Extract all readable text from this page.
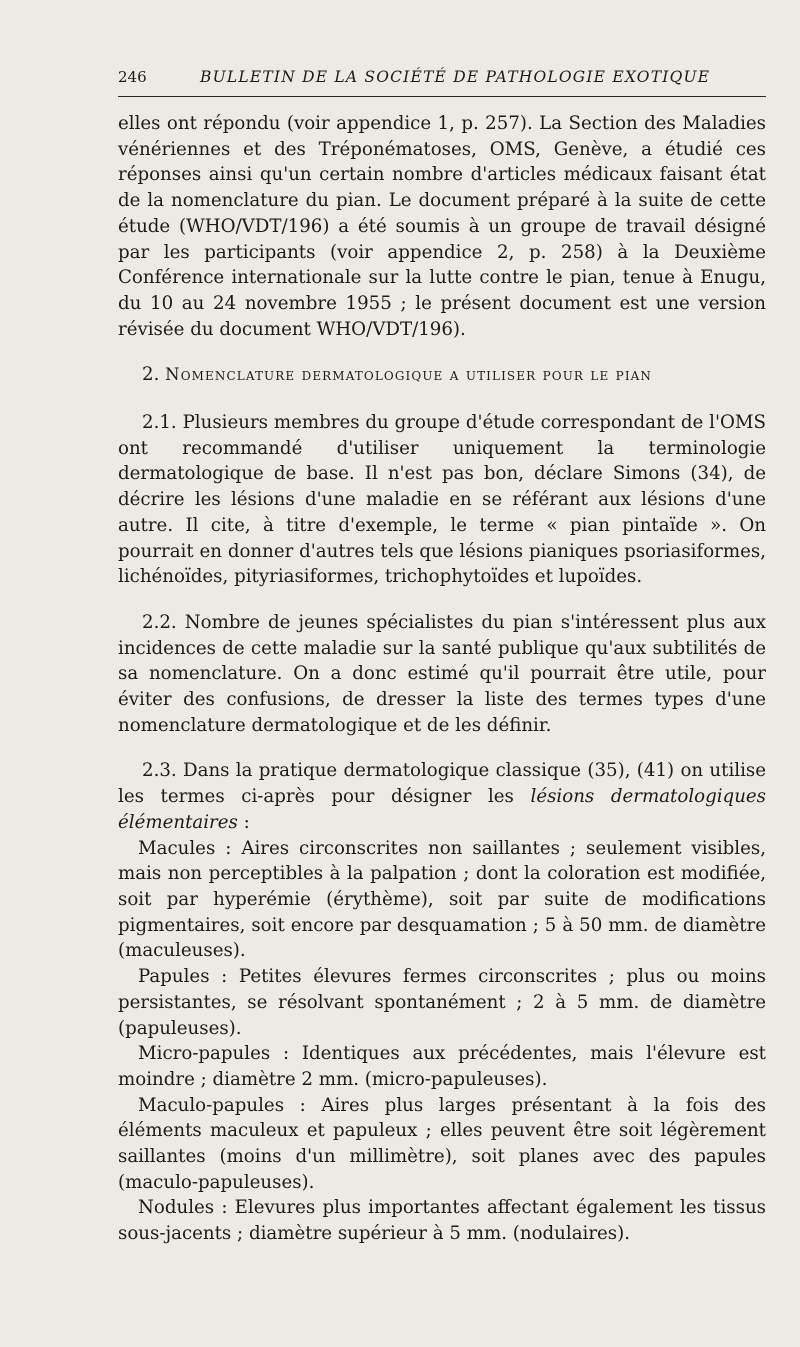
246	BULLETIN DE LA SOCIÉTÉ DE PATHOLOGIE EXOTIQUE

elles ont répondu (voir appendice 1, p. 257). La Section des Maladies vénériennes et des Tréponématoses, OMS, Genève, a étudié ces réponses ainsi qu'un certain nombre d'articles médicaux faisant état de la nomenclature du pian. Le document préparé à la suite de cette étude (WHO/VDT/196) a été soumis à un groupe de travail désigné par les participants (voir appendice 2, p. 258) à la Deuxième Conférence internationale sur la lutte contre le pian, tenue à Enugu, du 10 au 24 novembre 1955 ; le présent document est une version révisée du document WHO/VDT/196).

2. Nomenclature dermatologique a utiliser pour le pian

2.1. Plusieurs membres du groupe d'étude correspondant de l'OMS ont recommandé d'utiliser uniquement la terminologie dermatologique de base. Il n'est pas bon, déclare Simons (34), de décrire les lésions d'une maladie en se référant aux lésions d'une autre. Il cite, à titre d'exemple, le terme « pian pintaïde ». On pourrait en donner d'autres tels que lésions pianiques psoriasiformes, lichénoïdes, pityriasiformes, trichophytoïdes et lupoïdes.

2.2. Nombre de jeunes spécialistes du pian s'intéressent plus aux incidences de cette maladie sur la santé publique qu'aux subtilités de sa nomenclature. On a donc estimé qu'il pourrait être utile, pour éviter des confusions, de dresser la liste des termes types d'une nomenclature dermatologique et de les définir.

2.3. Dans la pratique dermatologique classique (35), (41) on utilise les termes ci-après pour désigner les lésions dermatologiques élémentaires :

Macules : Aires circonscrites non saillantes ; seulement visibles, mais non perceptibles à la palpation ; dont la coloration est modifiée, soit par hyperémie (érythème), soit par suite de modifications pigmentaires, soit encore par desquamation ; 5 à 50 mm. de diamètre (maculeuses).

Papules : Petites élevures fermes circonscrites ; plus ou moins persistantes, se résolvant spontanément ; 2 à 5 mm. de diamètre (papuleuses).

Micro-papules : Identiques aux précédentes, mais l'élevure est moindre ; diamètre 2 mm. (micro-papuleuses).

Maculo-papules : Aires plus larges présentant à la fois des éléments maculeux et papuleux ; elles peuvent être soit légèrement saillantes (moins d'un millimètre), soit planes avec des papules (maculo-papuleuses).

Nodules : Elevures plus importantes affectant également les tissus sous-jacents ; diamètre supérieur à 5 mm. (nodulaires).
